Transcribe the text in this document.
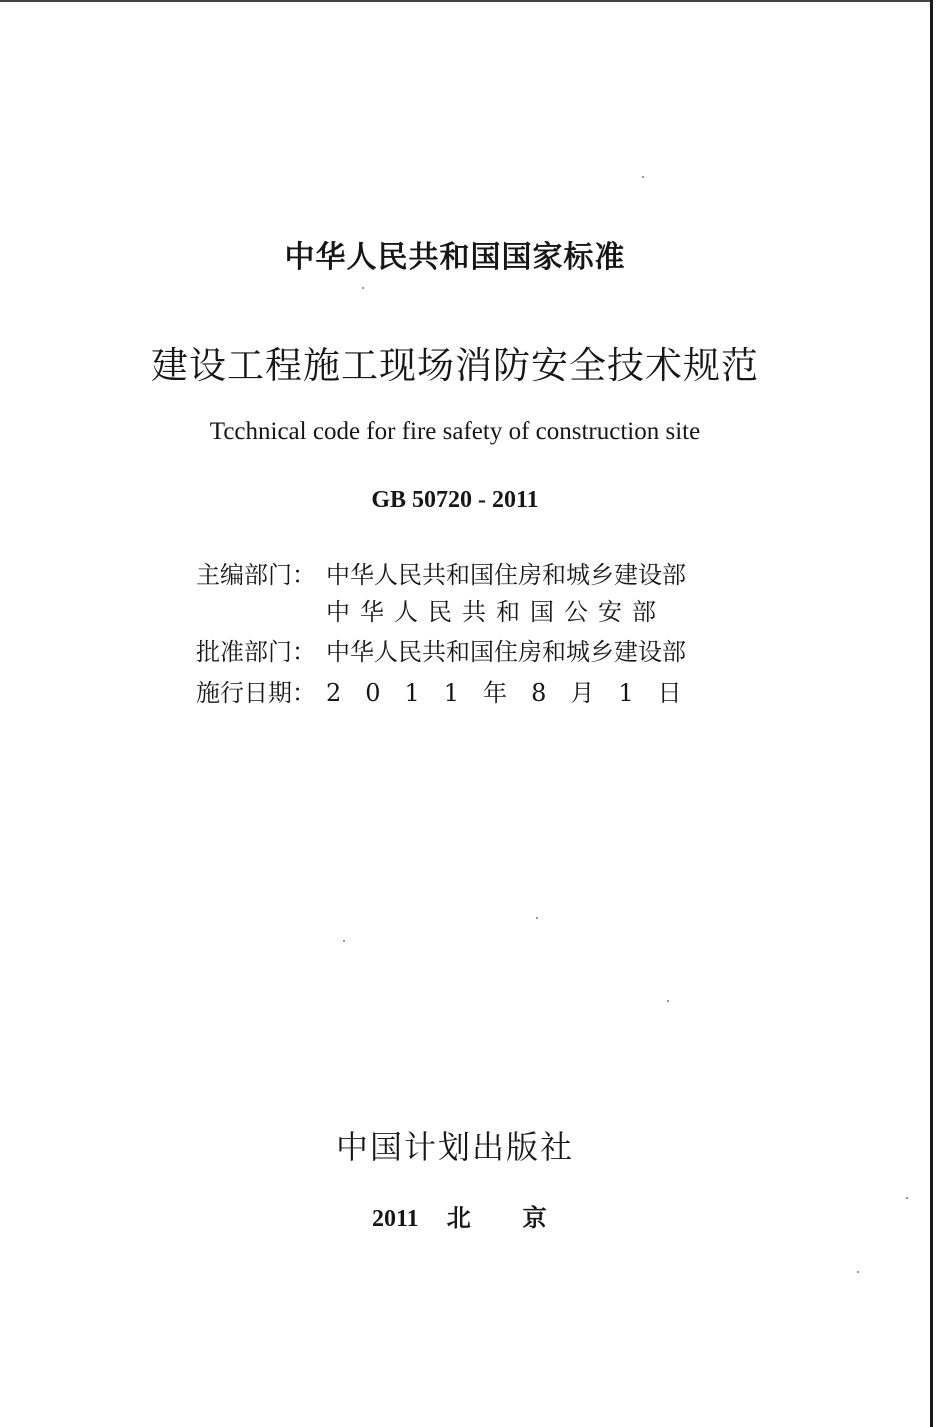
中华人民共和国国家标准
建设工程施工现场消防安全技术规范
Tcchnical code for fire safety of construction site
GB 50720 - 2011
主编部门： 中华人民共和国住房和城乡建设部
中华人民共和国公安部
批准部门： 中华人民共和国住房和城乡建设部
施行日期： 2011年8月1日
中国计划出版社
2011 北京
